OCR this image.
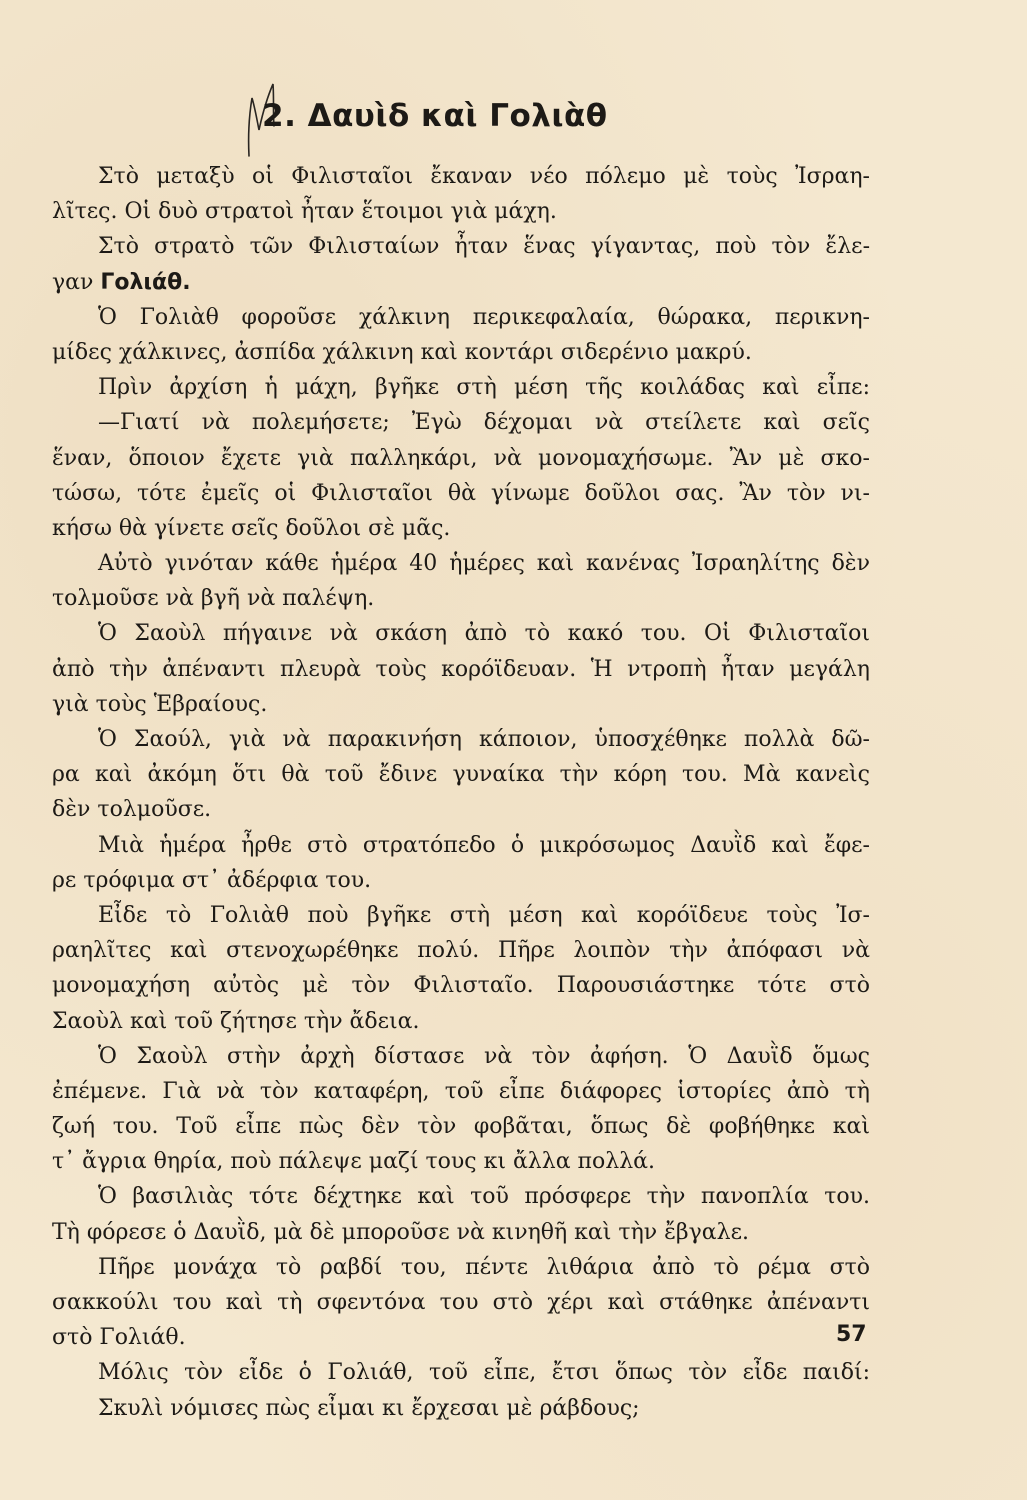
2. Δαυὶδ καὶ Γολιὰθ
Στὸ μεταξὺ οἱ Φιλισταῖοι ἔκαναν νέο πόλεμο μὲ τοὺς Ἰσραη-
λῖτες. Οἱ δυὸ στρατοὶ ἦταν ἕτοιμοι γιὰ μάχη.
Στὸ στρατὸ τῶν Φιλισταίων ἦταν ἕνας γίγαντας, ποὺ τὸν ἔλε-
γαν Γολιάθ.
Ὁ Γολιὰθ φοροῦσε χάλκινη περικεφαλαία, θώρακα, περικνη-
μίδες χάλκινες, ἀσπίδα χάλκινη καὶ κοντάρι σιδερένιο μακρύ.
Πρὶν ἀρχίση ἡ μάχη, βγῆκε στὴ μέση τῆς κοιλάδας καὶ εἶπε:
—Γιατί νὰ πολεμήσετε; Ἐγὼ δέχομαι νὰ στείλετε καὶ σεῖς
ἕναν, ὅποιον ἔχετε γιὰ παλληκάρι, νὰ μονομαχήσωμε. Ἂν μὲ σκο-
τώσω, τότε ἐμεῖς οἱ Φιλισταῖοι θὰ γίνωμε δοῦλοι σας. Ἂν τὸν νι-
κήσω θὰ γίνετε σεῖς δοῦλοι σὲ μᾶς.
Αὐτὸ γινόταν κάθε ἡμέρα 40 ἡμέρες καὶ κανένας Ἰσραηλίτης δὲν
τολμοῦσε νὰ βγῆ νὰ παλέψη.
Ὁ Σαοὺλ πήγαινε νὰ σκάση ἀπὸ τὸ κακό του. Οἱ Φιλισταῖοι
ἀπὸ τὴν ἀπέναντι πλευρὰ τοὺς κορόϊδευαν. Ἡ ντροπὴ ἦταν μεγάλη
γιὰ τοὺς Ἑβραίους.
Ὁ Σαούλ, γιὰ νὰ παρακινήση κάποιον, ὑποσχέθηκε πολλὰ δῶ-
ρα καὶ ἀκόμη ὅτι θὰ τοῦ ἔδινε γυναίκα τὴν κόρη του. Μὰ κανεὶς
δὲν τολμοῦσε.
Μιὰ ἡμέρα ἦρθε στὸ στρατόπεδο ὁ μικρόσωμος Δαυῒδ καὶ ἔφε-
ρε τρόφιμα στ᾿ ἀδέρφια του.
Εἶδε τὸ Γολιὰθ ποὺ βγῆκε στὴ μέση καὶ κορόϊδευε τοὺς Ἰσ-
ραηλῖτες καὶ στενοχωρέθηκε πολύ. Πῆρε λοιπὸν τὴν ἀπόφασι νὰ
μονομαχήση αὐτὸς μὲ τὸν Φιλισταῖο. Παρουσιάστηκε τότε στὸ
Σαοὺλ καὶ τοῦ ζήτησε τὴν ἄδεια.
Ὁ Σαοὺλ στὴν ἀρχὴ δίστασε νὰ τὸν ἀφήση. Ὁ Δαυῒδ ὅμως
ἐπέμενε. Γιὰ νὰ τὸν καταφέρη, τοῦ εἶπε διάφορες ἱστορίες ἀπὸ τὴ
ζωή του. Τοῦ εἶπε πὼς δὲν τὸν φοβᾶται, ὅπως δὲ φοβήθηκε καὶ
τ᾿ ἄγρια θηρία, ποὺ πάλεψε μαζί τους κι ἄλλα πολλά.
Ὁ βασιλιὰς τότε δέχτηκε καὶ τοῦ πρόσφερε τὴν πανοπλία του.
Τὴ φόρεσε ὁ Δαυῒδ, μὰ δὲ μποροῦσε νὰ κινηθῆ καὶ τὴν ἔβγαλε.
Πῆρε μονάχα τὸ ραβδί του, πέντε λιθάρια ἀπὸ τὸ ρέμα στὸ
σακκούλι του καὶ τὴ σφεντόνα του στὸ χέρι καὶ στάθηκε ἀπέναντι
στὸ Γολιάθ.
Μόλις τὸν εἶδε ὁ Γολιάθ, τοῦ εἶπε, ἔτσι ὅπως τὸν εἶδε παιδί:
Σκυλὶ νόμισες πὼς εἶμαι κι ἔρχεσαι μὲ ράβδους;
57
